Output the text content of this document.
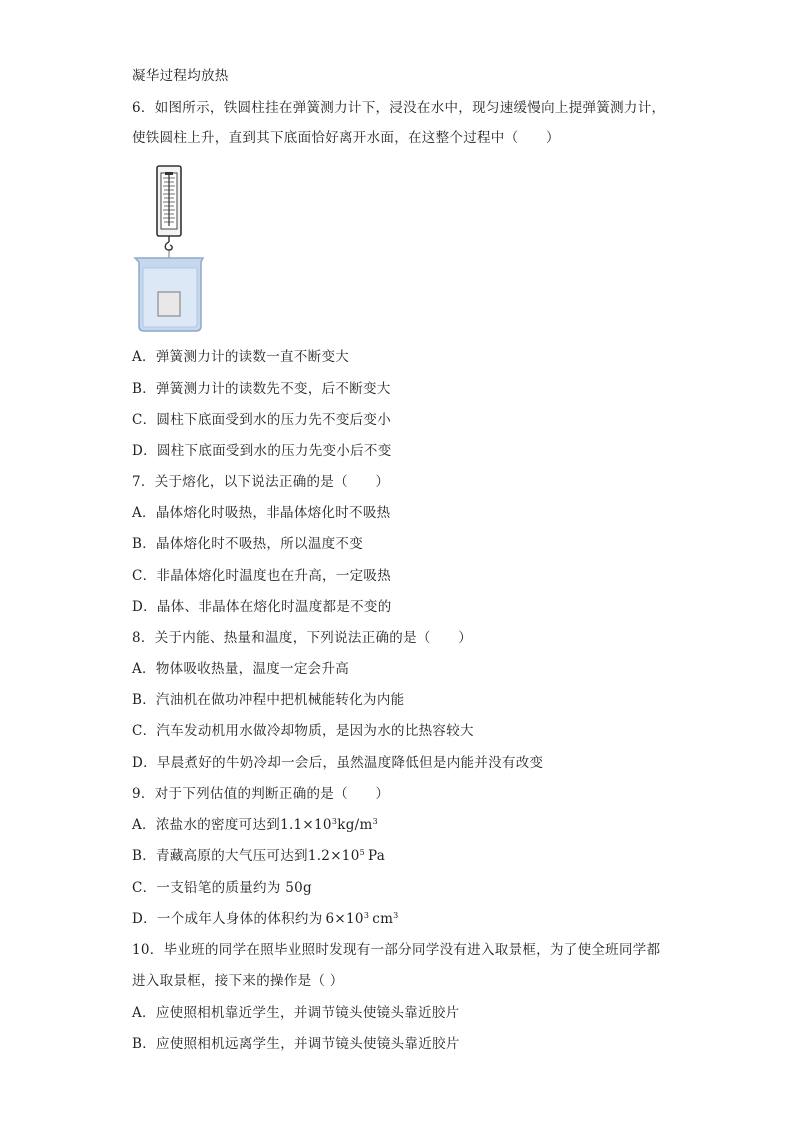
凝华过程均放热
6．如图所示，铁圆柱挂在弹簧测力计下，浸没在水中，现匀速缓慢向上提弹簧测力计，
使铁圆柱上升，直到其下底面恰好离开水面，在这整个过程中（　　）
A．弹簧测力计的读数一直不断变大
B．弹簧测力计的读数先不变，后不断变大
C．圆柱下底面受到水的压力先不变后变小
D．圆柱下底面受到水的压力先变小后不变
7．关于熔化，以下说法正确的是（　　）
A．晶体熔化时吸热，非晶体熔化时不吸热
B．晶体熔化时不吸热，所以温度不变
C．非晶体熔化时温度也在升高，一定吸热
D．晶体、非晶体在熔化时温度都是不变的
8．关于内能、热量和温度，下列说法正确的是（　　）
A．物体吸收热量，温度一定会升高
B．汽油机在做功冲程中把机械能转化为内能
C．汽车发动机用水做冷却物质，是因为水的比热容较大
D．早晨煮好的牛奶冷却一会后，虽然温度降低但是内能并没有改变
9．对于下列估值的判断正确的是（　　）
A．浓盐水的密度可达到$1.1\times 10^3kg/m^3$
B．青藏高原的大气压可达到$1.2\times 10^5$  Pa
C．一支铅笔的质量约为 50g
D．一个成年人身体的体积约为  $6\times 10^3$  $cm^3$
10．毕业班的同学在照毕业照时发现有一部分同学没有进入取景框，为了使全班同学都
进入取景框，接下来的操作是（ ）
A．应使照相机靠近学生，并调节镜头使镜头靠近胶片
B．应使照相机远离学生，并调节镜头使镜头靠近胶片
